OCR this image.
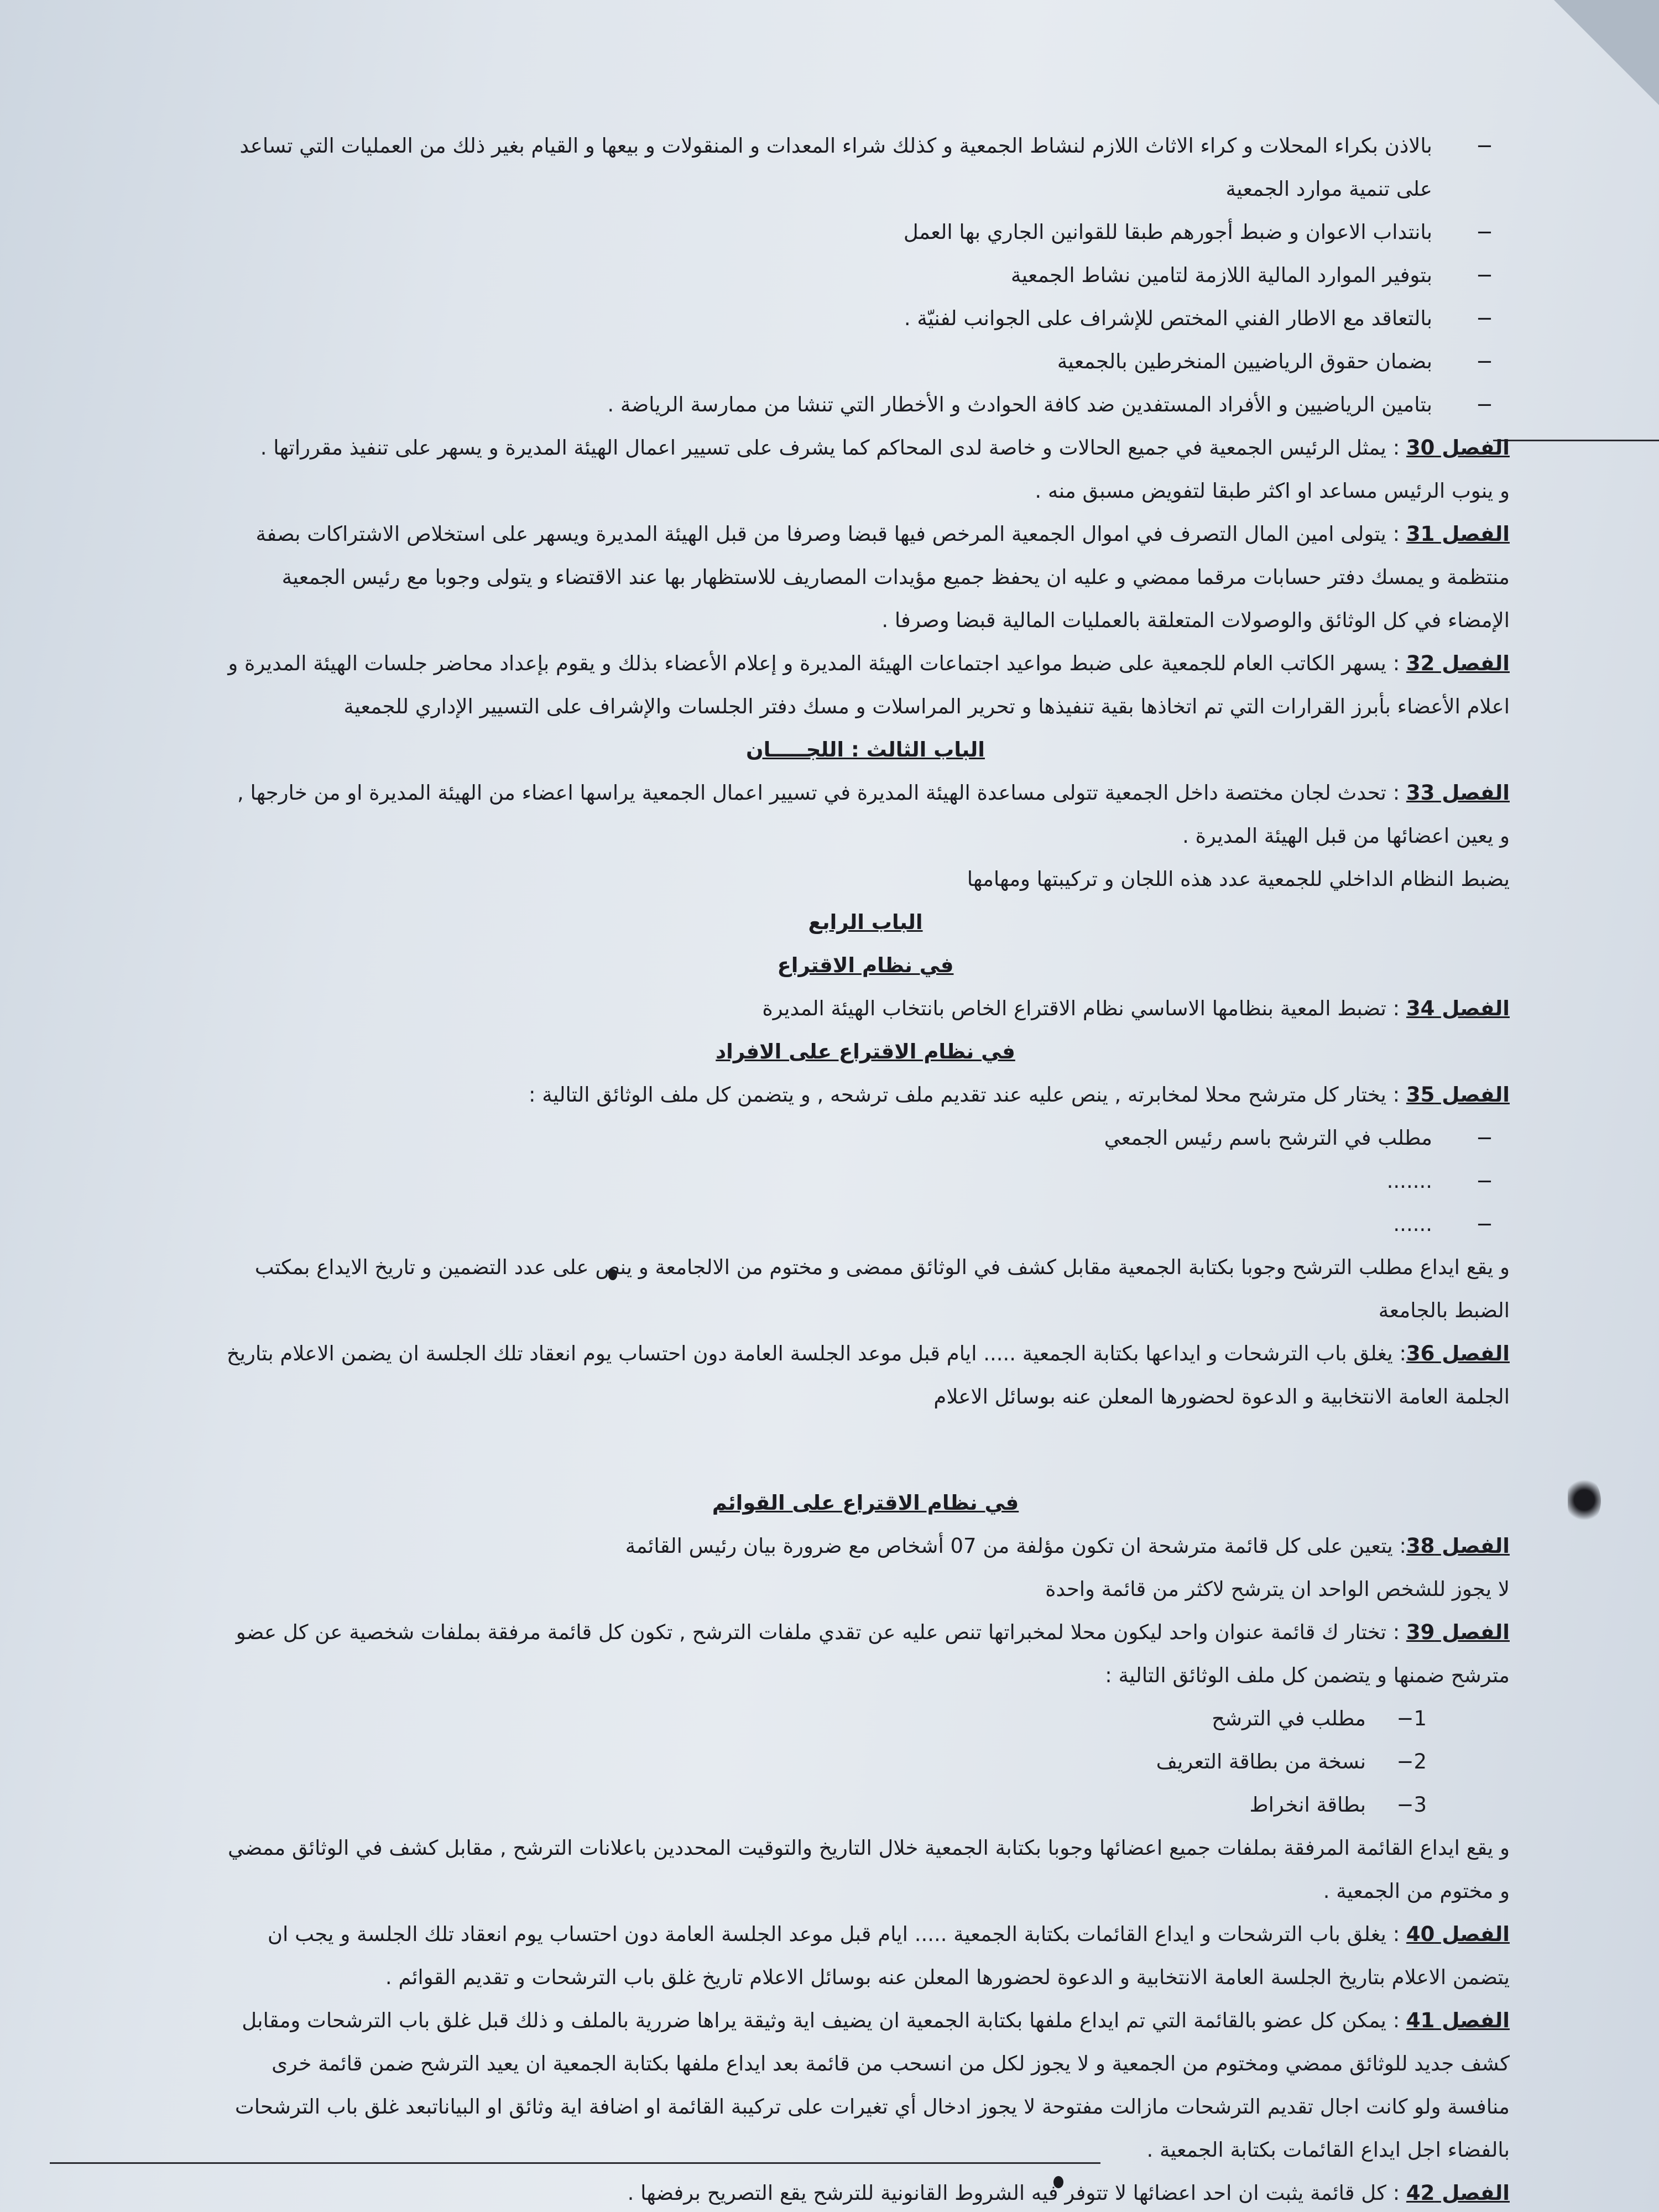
−
بالاذن بكراء المحلات و كراء الاثاث اللازم لنشاط الجمعية و كذلك شراء المعدات و المنقولات و بيعها و القيام بغير ذلك من العمليات التي تساعد على تنمية موارد الجمعية

−
بانتداب الاعوان و ضبط أجورهم طبقا للقوانين الجاري بها العمل

−
بتوفير الموارد المالية اللازمة لتامين نشاط الجمعية

−
بالتعاقد مع الاطار الفني المختص للإشراف على الجوانب لفنيّة .

−
بضمان حقوق الرياضيين المنخرطين بالجمعية

−
بتامين الرياضيين و الأفراد المستفدين ضد كافة الحوادث و الأخطار التي تنشا من ممارسة الرياضة .

الفصل 30 : يمثل الرئيس الجمعية في جميع الحالات و خاصة لدى المحاكم كما يشرف على تسيير اعمال الهيئة المديرة و يسهر على تنفيذ مقرراتها .

و ينوب الرئيس مساعد او اكثر طبقا لتفويض مسبق منه .

الفصل 31 : يتولى امين المال التصرف في اموال الجمعية المرخص فيها قبضا وصرفا من قبل الهيئة المديرة ويسهر على استخلاص الاشتراكات بصفة منتظمة و يمسك دفتر حسابات مرقما ممضي و عليه ان يحفظ جميع مؤيدات المصاريف للاستظهار بها عند الاقتضاء و يتولى وجوبا مع رئيس الجمعية الإمضاء في كل الوثائق والوصولات المتعلقة بالعمليات المالية قبضا وصرفا .

الفصل 32 : يسهر الكاتب العام للجمعية على ضبط مواعيد اجتماعات الهيئة المديرة و إعلام الأعضاء بذلك و يقوم بإعداد محاضر جلسات الهيئة المديرة و اعلام الأعضاء بأبرز القرارات التي تم اتخاذها بقية تنفيذها و تحرير المراسلات و مسك دفتر الجلسات والإشراف على التسيير الإداري للجمعية

الباب الثالث : اللجـــــان

الفصل 33 : تحدث لجان مختصة داخل الجمعية تتولى مساعدة الهيئة المديرة في تسيير اعمال الجمعية يراسها اعضاء من الهيئة المديرة او من خارجها , و يعين اعضائها من قبل الهيئة المديرة .

يضبط النظام الداخلي للجمعية عدد هذه اللجان و تركيبتها ومهامها

الباب الرابع

في نظام الاقتراع

الفصل 34 : تضبط المعية بنظامها الاساسي نظام الاقتراع الخاص بانتخاب الهيئة المديرة

في نظام الاقتراع على الافراد

الفصل 35 : يختار كل مترشح محلا لمخابرته , ينص عليه عند تقديم ملف ترشحه , و يتضمن كل ملف الوثائق التالية :

−
مطلب في الترشح باسم رئيس الجمعي

−
.......

−
......

و يقع ايداع مطلب الترشح وجوبا بكتابة الجمعية مقابل كشف في الوثائق ممضى و مختوم من الالجامعة و ينص على عدد التضمين و تاريخ الايداع بمكتب الضبط بالجامعة

الفصل 36: يغلق باب الترشحات و ايداعها بكتابة الجمعية ..... ايام قبل موعد الجلسة العامة دون احتساب يوم انعقاد تلك الجلسة ان يضمن الاعلام بتاريخ الجلمة العامة الانتخابية و الدعوة لحضورها المعلن عنه بوسائل الاعلام

في نظام الاقتراع على القوائم

الفصل 38: يتعين على كل قائمة مترشحة ان تكون مؤلفة من 07 أشخاص مع ضرورة بيان رئيس القائمة

لا يجوز للشخص الواحد ان يترشح لاكثر من قائمة واحدة

الفصل 39 : تختار ك قائمة عنوان واحد ليكون محلا لمخبراتها تنص عليه عن تقدي ملفات الترشح , تكون كل قائمة مرفقة بملفات شخصية عن كل عضو مترشح ضمنها و يتضمن كل ملف الوثائق التالية :

1−
مطلب في الترشح

2−
نسخة من بطاقة التعريف

3−
بطاقة انخراط

و يقع ايداع القائمة المرفقة بملفات جميع اعضائها وجوبا بكتابة الجمعية خلال التاريخ والتوقيت المحددين باعلانات الترشح , مقابل كشف في الوثائق ممضي و مختوم من الجمعية .

الفصل 40 : يغلق باب الترشحات و ايداع القائمات بكتابة الجمعية ..... ايام قبل موعد الجلسة العامة دون احتساب يوم انعقاد تلك الجلسة و يجب ان يتضمن الاعلام بتاريخ الجلسة العامة الانتخابية و الدعوة لحضورها المعلن عنه بوسائل الاعلام تاريخ غلق باب الترشحات و تقديم القوائم .

الفصل 41 : يمكن كل عضو بالقائمة التي تم ايداع ملفها بكتابة الجمعية ان يضيف اية وثيقة يراها ضررية بالملف و ذلك قبل غلق باب الترشحات ومقابل كشف جديد للوثائق ممضي ومختوم من الجمعية و لا يجوز لكل من انسحب من قائمة بعد ايداع ملفها بكتابة الجمعية ان يعيد الترشح ضمن قائمة خرى منافسة ولو كانت اجال تقديم الترشحات مازالت مفتوحة لا يجوز ادخال أي تغيرات على تركيبة القائمة او اضافة اية وثائق او البياناتبعد غلق باب الترشحات بالفضاء اجل ايداع القائمات بكتابة الجمعية .

الفصل 42 : كل قائمة يثبت ان احد اعضائها لا تتوفر فيه الشروط القانونية للترشح يقع التصريح برفضها .
